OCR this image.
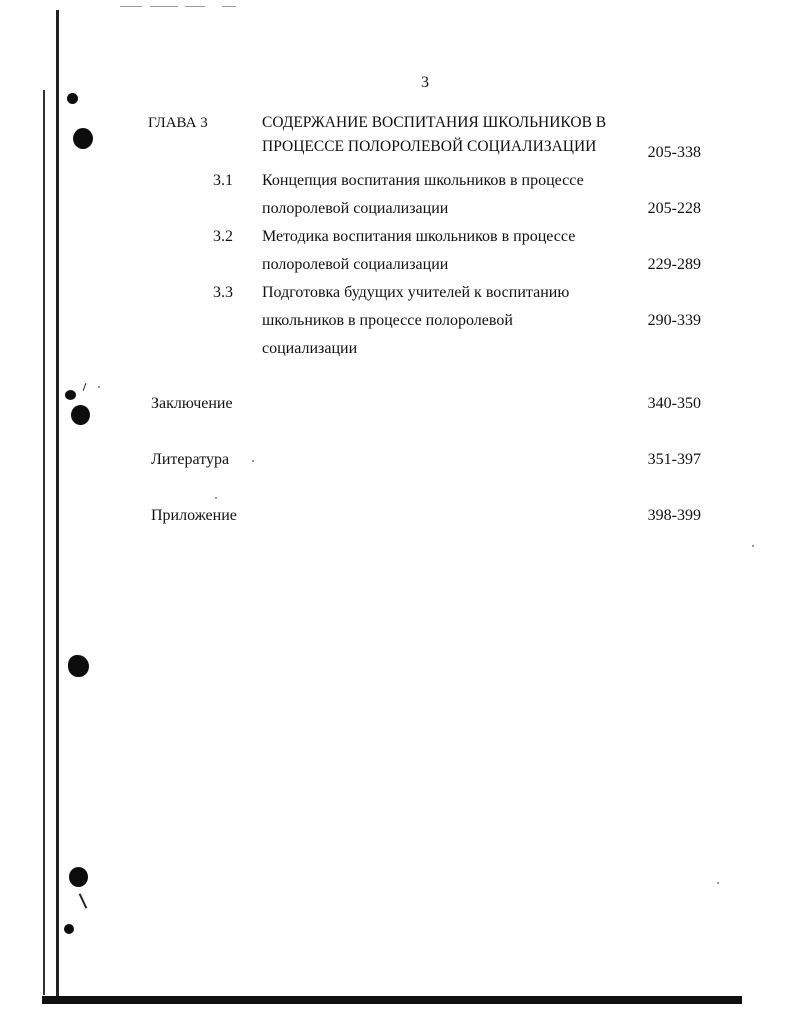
3
ГЛАВА 3	СОДЕРЖАНИЕ ВОСПИТАНИЯ ШКОЛЬНИКОВ В
ПРОЦЕССЕ ПОЛОРОЛЕВОЙ СОЦИАЛИЗАЦИИ	205-338
3.1 Концепция воспитания школьников в процессе
полоролевой социализации	205-228
3.2 Методика воспитания школьников в процессе
полоролевой социализации	229-289
3.3 Подготовка будущих учителей к воспитанию
школьников в процессе полоролевой
социализации
290-339
Заключение	340-350
Литература	351-397
Приложение	398-399
